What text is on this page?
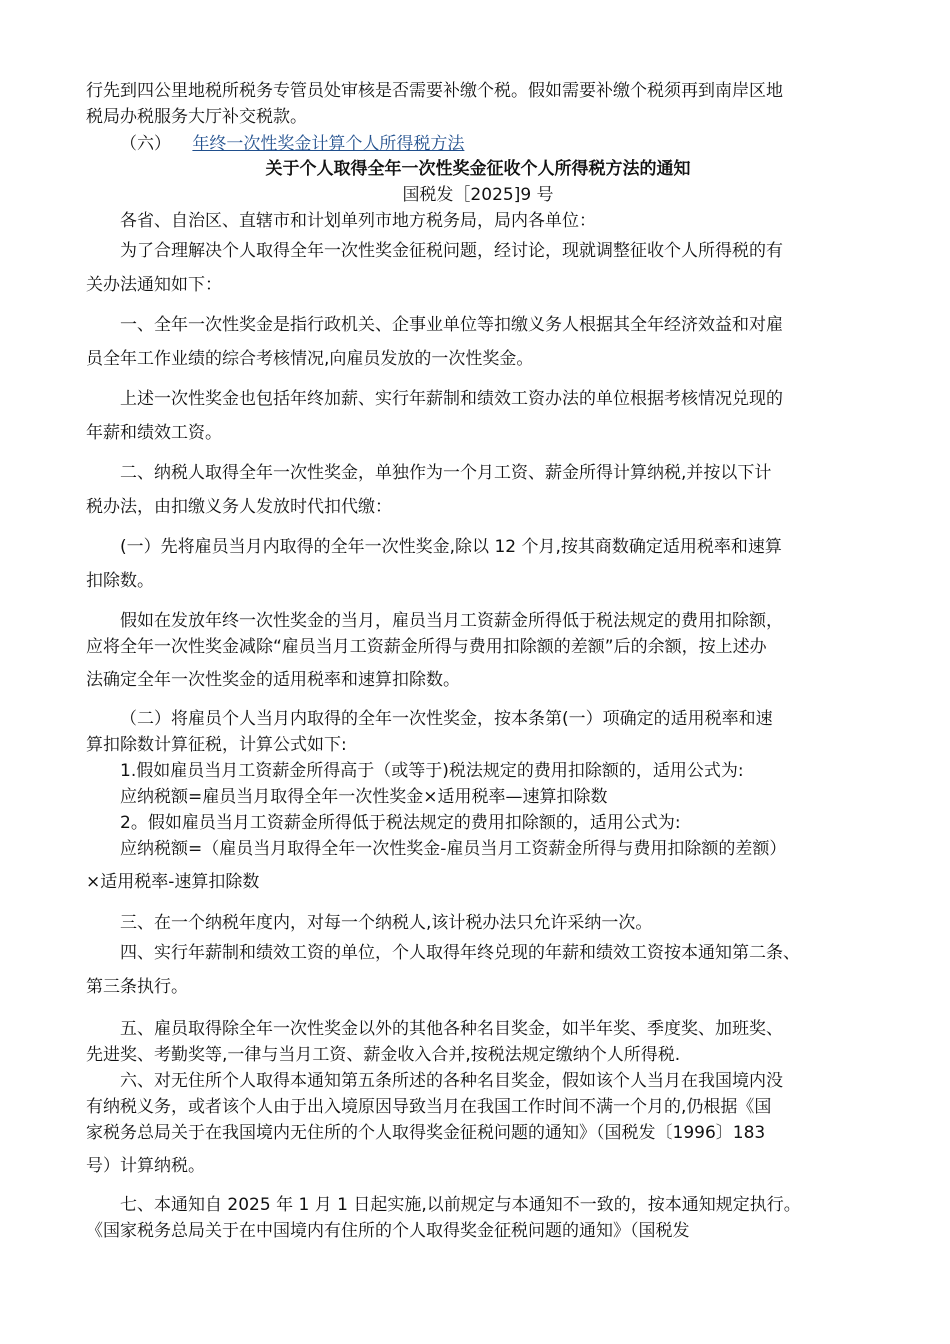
行先到四公里地税所税务专管员处审核是否需要补缴个税。假如需要补缴个税须再到南岸区地
税局办税服务大厅补交税款。

（六） 年终一次性奖金计算个人所得税方法

关于个人取得全年一次性奖金征收个人所得税方法的通知

国税发［2025]9 号

各省、自治区、直辖市和计划单列市地方税务局，局内各单位：

为了合理解决个人取得全年一次性奖金征税问题，经讨论，现就调整征收个人所得税的有
关办法通知如下：

一、全年一次性奖金是指行政机关、企事业单位等扣缴义务人根据其全年经济效益和对雇
员全年工作业绩的综合考核情况,向雇员发放的一次性奖金。

上述一次性奖金也包括年终加薪、实行年薪制和绩效工资办法的单位根据考核情况兑现的
年薪和绩效工资。

二、纳税人取得全年一次性奖金，单独作为一个月工资、薪金所得计算纳税,并按以下计
税办法，由扣缴义务人发放时代扣代缴：

(一）先将雇员当月内取得的全年一次性奖金,除以 12 个月,按其商数确定适用税率和速算
扣除数。

假如在发放年终一次性奖金的当月，雇员当月工资薪金所得低于税法规定的费用扣除额，
应将全年一次性奖金减除“雇员当月工资薪金所得与费用扣除额的差额”后的余额，按上述办
法确定全年一次性奖金的适用税率和速算扣除数。

（二）将雇员个人当月内取得的全年一次性奖金，按本条第(一）项确定的适用税率和速
算扣除数计算征税，计算公式如下:
1.假如雇员当月工资薪金所得高于（或等于)税法规定的费用扣除额的，适用公式为:
应纳税额=雇员当月取得全年一次性奖金×适用税率—速算扣除数
2。假如雇员当月工资薪金所得低于税法规定的费用扣除额的，适用公式为:
应纳税额=（雇员当月取得全年一次性奖金-雇员当月工资薪金所得与费用扣除额的差额）
×适用税率-速算扣除数

三、在一个纳税年度内，对每一个纳税人,该计税办法只允许采纳一次。

四、实行年薪制和绩效工资的单位，个人取得年终兑现的年薪和绩效工资按本通知第二条、
第三条执行。

五、雇员取得除全年一次性奖金以外的其他各种名目奖金，如半年奖、季度奖、加班奖、
先进奖、考勤奖等,一律与当月工资、薪金收入合并,按税法规定缴纳个人所得税.

六、对无住所个人取得本通知第五条所述的各种名目奖金，假如该个人当月在我国境内没
有纳税义务，或者该个人由于出入境原因导致当月在我国工作时间不满一个月的,仍根据《国
家税务总局关于在我国境内无住所的个人取得奖金征税问题的通知》（国税发〔1996〕183
号）计算纳税。

七、本通知自 2025 年 1 月 1 日起实施,以前规定与本通知不一致的，按本通知规定执行。
《国家税务总局关于在中国境内有住所的个人取得奖金征税问题的通知》（国税发
